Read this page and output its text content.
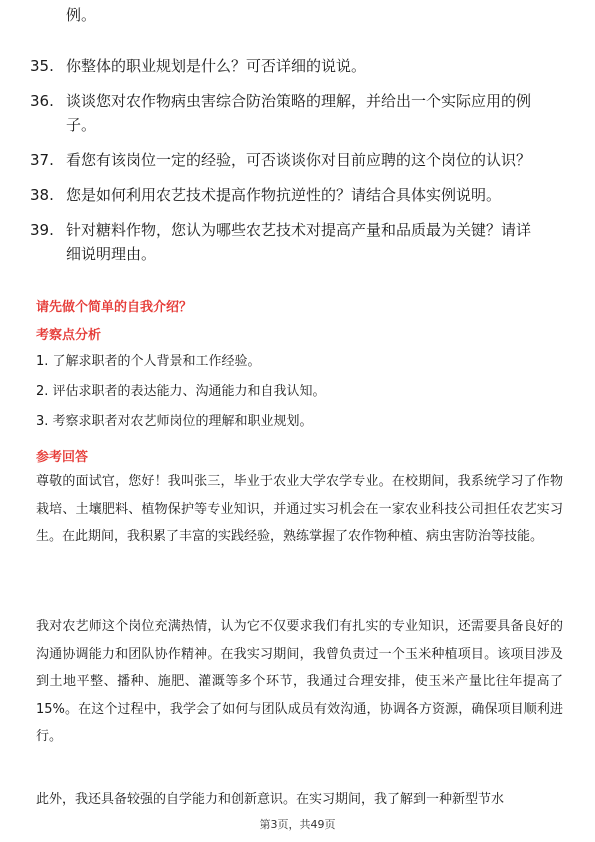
例。
35. 你整体的职业规划是什么？可否详细的说说。
36. 谈谈您对农作物病虫害综合防治策略的理解，并给出一个实际应用的例子。
37. 看您有该岗位一定的经验，可否谈谈你对目前应聘的这个岗位的认识？
38. 您是如何利用农艺技术提高作物抗逆性的？请结合具体实例说明。
39. 针对糖料作物，您认为哪些农艺技术对提高产量和品质最为关键？请详细说明理由。
请先做个简单的自我介绍？
考察点分析
1. 了解求职者的个人背景和工作经验。
2. 评估求职者的表达能力、沟通能力和自我认知。
3. 考察求职者对农艺师岗位的理解和职业规划。
参考回答
尊敬的面试官，您好！我叫张三，毕业于农业大学农学专业。在校期间，我系统学习了作物栽培、土壤肥料、植物保护等专业知识，并通过实习机会在一家农业科技公司担任农艺实习生。在此期间，我积累了丰富的实践经验，熟练掌握了农作物种植、病虫害防治等技能。
我对农艺师这个岗位充满热情，认为它不仅要求我们有扎实的专业知识，还需要具备良好的沟通协调能力和团队协作精神。在我实习期间，我曾负责过一个玉米种植项目。该项目涉及到土地平整、播种、施肥、灌溉等多个环节，我通过合理安排，使玉米产量比往年提高了15%。在这个过程中，我学会了如何与团队成员有效沟通，协调各方资源，确保项目顺利进行。
此外，我还具备较强的自学能力和创新意识。在实习期间，我了解到一种新型节水
第3页，共49页
